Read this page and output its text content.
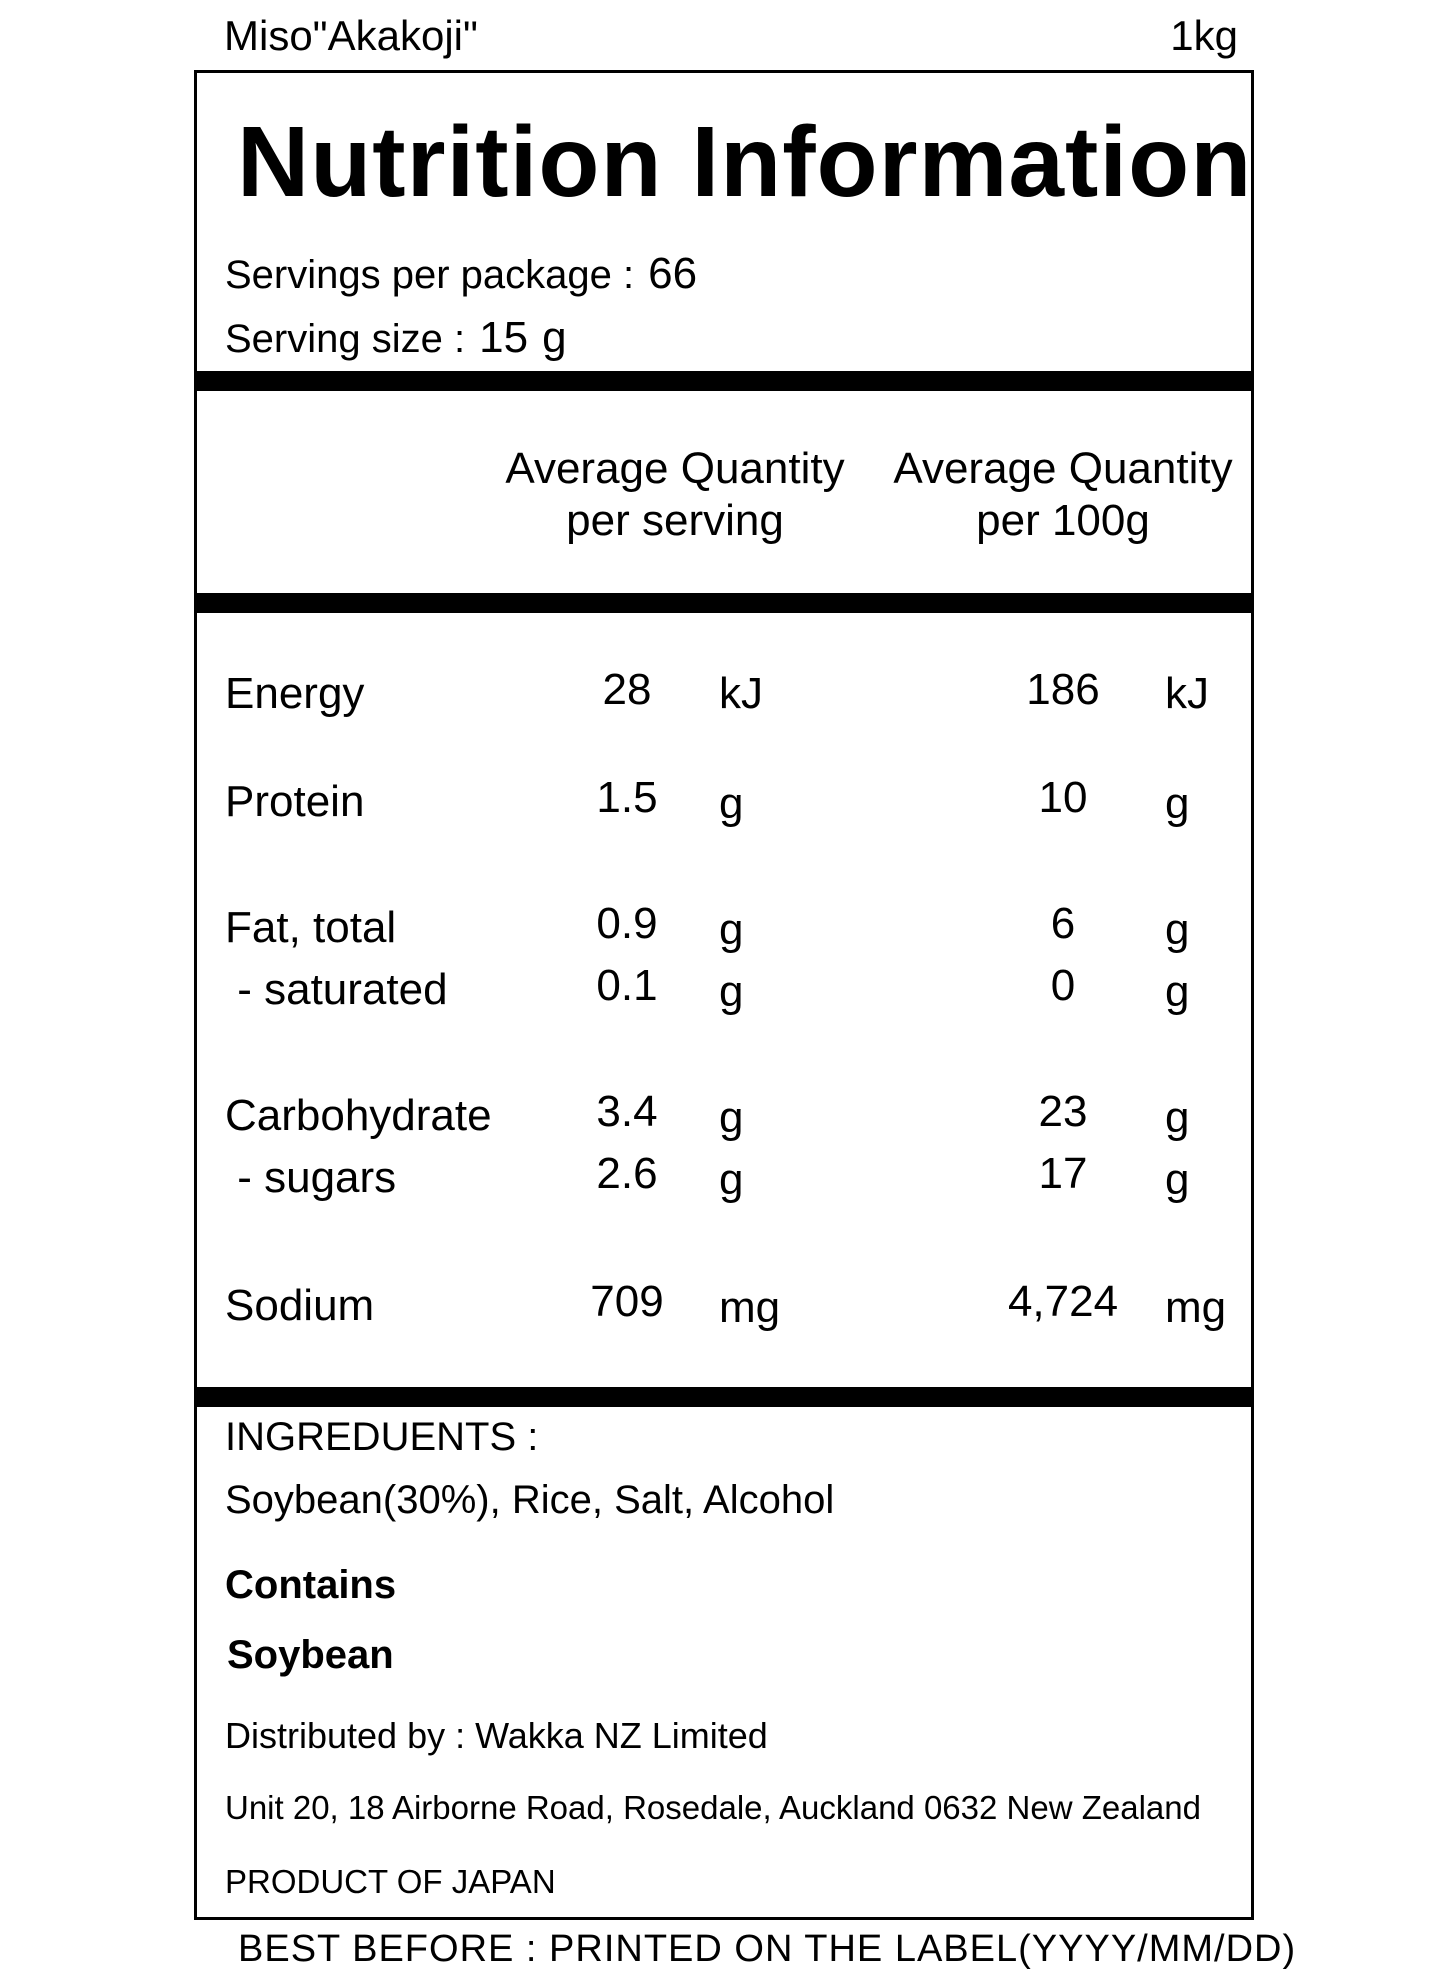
Miso"Akakoji"	1kg
Nutrition Information
Servings per package : 66
Serving size : 15 g
Average Quantity
per serving
Average Quantity
per 100g
Energy	28	kJ	186	kJ
Protein	1.5	g	10	g
Fat, total	0.9	g	6	g
- saturated	0.1	g	0	g
Carbohydrate	3.4	g	23	g
- sugars	2.6	g	17	g
Sodium	709	mg	4,724 mg
INGREDUENTS :
Soybean(30%), Rice, Salt, Alcohol
Contains
Soybean
Distributed by : Wakka NZ Limited
Unit 20, 18 Airborne Road, Rosedale, Auckland 0632 New Zealand
PRODUCT OF JAPAN
BEST BEFORE : PRINTED ON THE LABEL(YYYY/MM/DD)
